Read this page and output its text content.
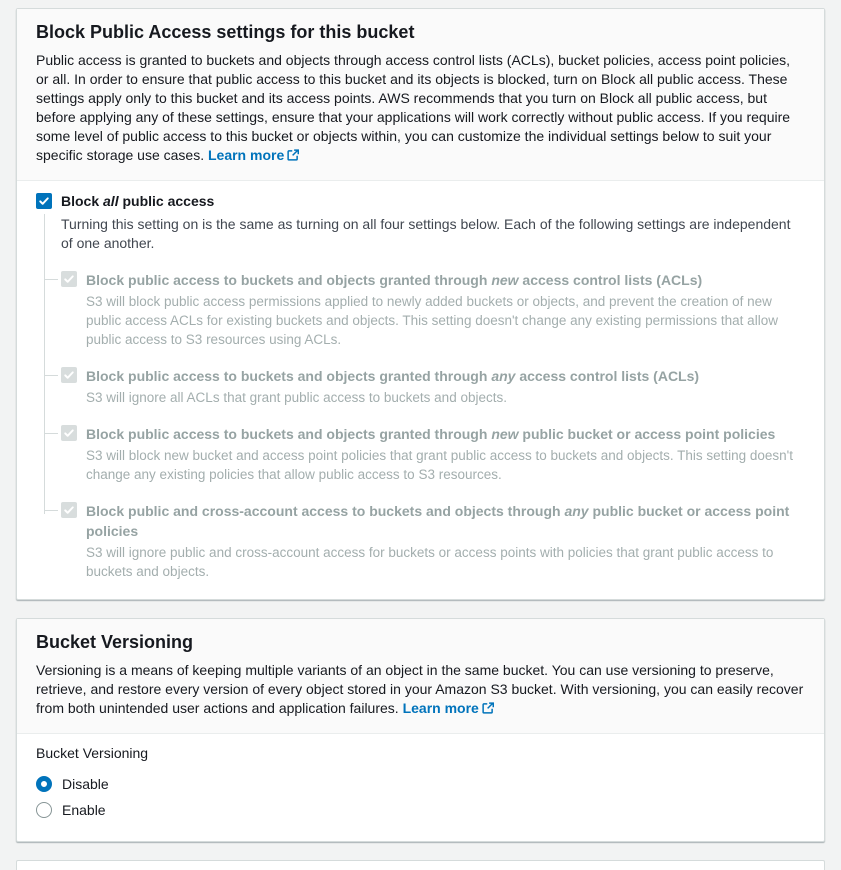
Block Public Access settings for this bucket

Public access is granted to buckets and objects through access control lists (ACLs), bucket policies, access point policies, or all. In order to ensure that public access to this bucket and its objects is blocked, turn on Block all public access. These settings apply only to this bucket and its access points. AWS recommends that you turn on Block all public access, but before applying any of these settings, ensure that your applications will work correctly without public access. If you require some level of public access to this bucket or objects within, you can customize the individual settings below to suit your specific storage use cases. Learn more

Block all public access
Turning this setting on is the same as turning on all four settings below. Each of the following settings are independent of one another.
Block public access to buckets and objects granted through new access control lists (ACLs)
S3 will block public access permissions applied to newly added buckets or objects, and prevent the creation of new public access ACLs for existing buckets and objects. This setting doesn't change any existing permissions that allow public access to S3 resources using ACLs.
Block public access to buckets and objects granted through any access control lists (ACLs)
S3 will ignore all ACLs that grant public access to buckets and objects.
Block public access to buckets and objects granted through new public bucket or access point policies
S3 will block new bucket and access point policies that grant public access to buckets and objects. This setting doesn't change any existing policies that allow public access to S3 resources.
Block public and cross-account access to buckets and objects through any public bucket or access point policies
S3 will ignore public and cross-account access for buckets or access points with policies that grant public access to buckets and objects.
Bucket Versioning

Versioning is a means of keeping multiple variants of an object in the same bucket. You can use versioning to preserve, retrieve, and restore every version of every object stored in your Amazon S3 bucket. With versioning, you can easily recover from both unintended user actions and application failures. Learn more

Bucket Versioning
Disable
Enable
